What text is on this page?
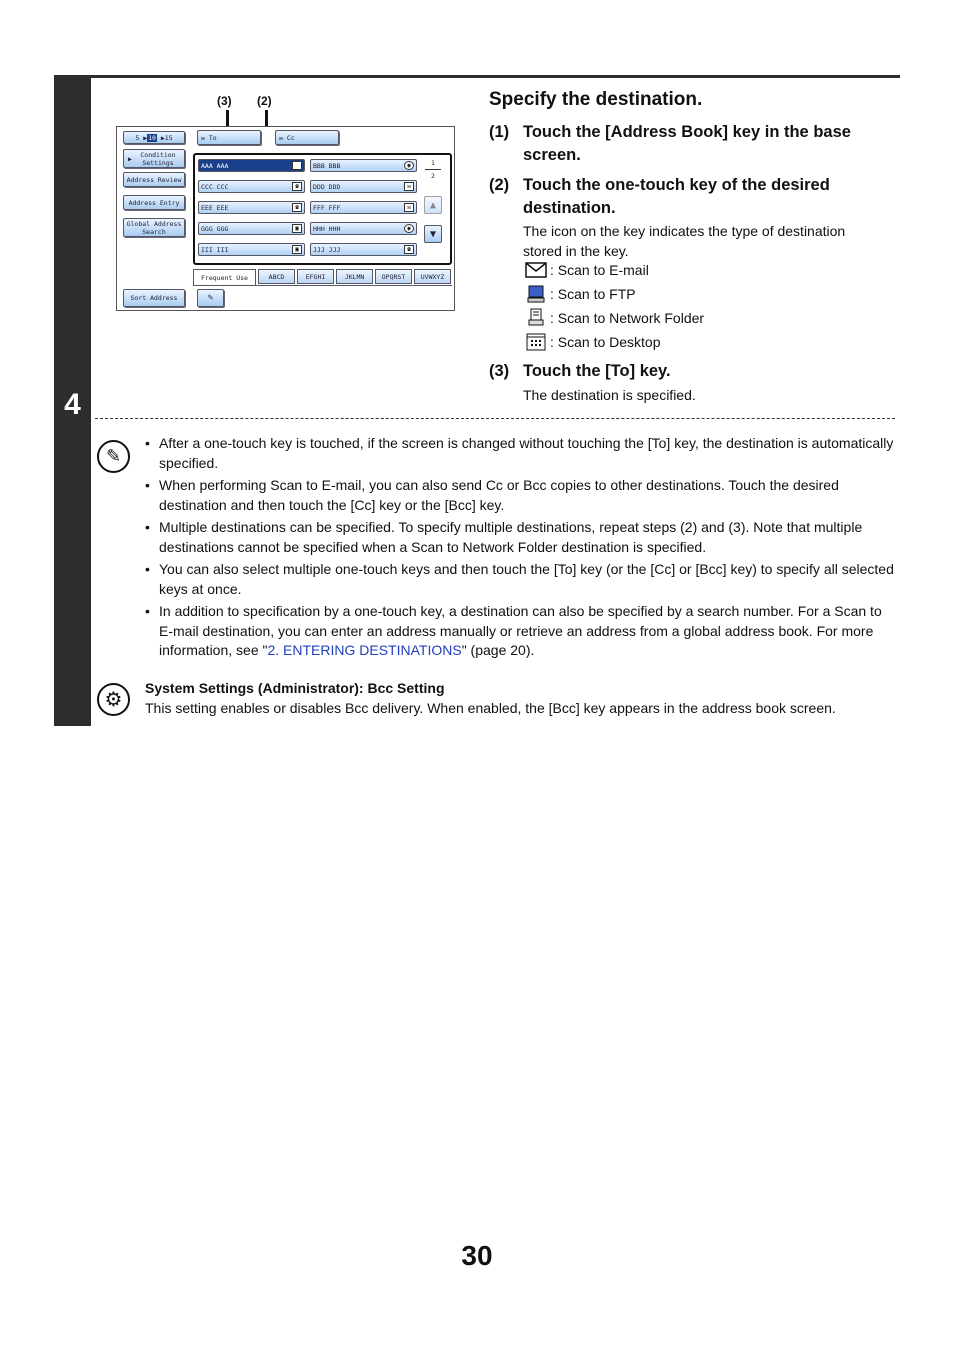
4
(3) (2)
5 ▶ 10 ▶ 15	✉
To	✉
Cc
▶	Condition Settings
Address Review
Address Entry
Global Address Search
Sort Address	✎
AAA AAA	✉	BBB BBB	◉
CCC CCC	☎	DDD DDD	✉
EEE EEE	☎	FFF FFF	✉
GGG GGG	▣	HHH HHH	◉
III III	▣	JJJ JJJ	☎
1
2
▲
▼
Frequent Use	ABCD	EFGHI	JKLMN	OPQRST	UVWXYZ
Specify the destination.
(1) Touch the [Address Book] key in the base screen.
(2) Touch the one-touch key of the desired destination.
The icon on the key indicates the type of destination stored in the key.
: Scan to E-mail
: Scan to FTP
: Scan to Network Folder
: Scan to Desktop
(3) Touch the [To] key.
The destination is specified.
✎
• After a one-touch key is touched, if the screen is changed without touching the [To] key, the destination is automatically specified.
• When performing Scan to E-mail, you can also send Cc or Bcc copies to other destinations. Touch the desired destination and then touch the [Cc] key or the [Bcc] key.
• Multiple destinations can be specified. To specify multiple destinations, repeat steps (2) and (3). Note that multiple destinations cannot be specified when a Scan to Network Folder destination is specified.
• You can also select multiple one-touch keys and then touch the [To] key (or the [Cc] or [Bcc] key) to specify all selected keys at once.
• In addition to specification by a one-touch key, a destination can also be specified by a search number. For a Scan to E-mail destination, you can enter an address manually or retrieve an address from a global address book. For more information, see "2. ENTERING DESTINATIONS" (page 20).
⚙
System Settings (Administrator): Bcc Setting
This setting enables or disables Bcc delivery. When enabled, the [Bcc] key appears in the address book screen.
30
